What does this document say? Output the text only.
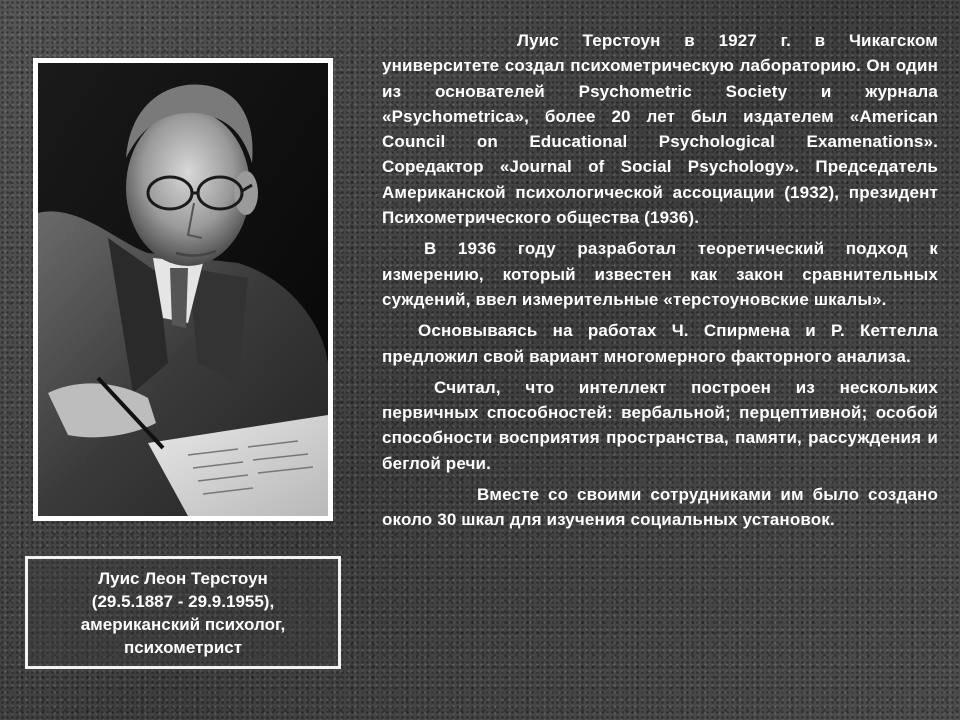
Луис Леон Терстоун
(29.5.1887 - 29.9.1955),
американский психолог,
психометрист

Луис Терстоун в 1927 г. в Чикагском университете создал психометрическую лабораторию. Он один из основателей Psychometric Society и журнала «Psychometrica», более 20 лет был издателем «American Council on Educational Psychological Examenations». Соредактор «Journal of Social Psychology». Председатель Американской психологической ассоциации (1932), президент Психометрического общества (1936).

В 1936 году разработал теоретический подход к измерению, который известен как закон сравнительных суждений, ввел измерительные «терстоуновские шкалы».

Основываясь на работах Ч. Спирмена и Р. Кеттелла предложил свой вариант многомерного факторного анализа.

Считал, что интеллект построен из нескольких первичных способностей: вербальной; перцептивной; особой способности восприятия пространства, памяти, рассуждения и беглой речи.

Вместе со своими сотрудниками им было создано около 30 шкал для изучения социальных установок.
